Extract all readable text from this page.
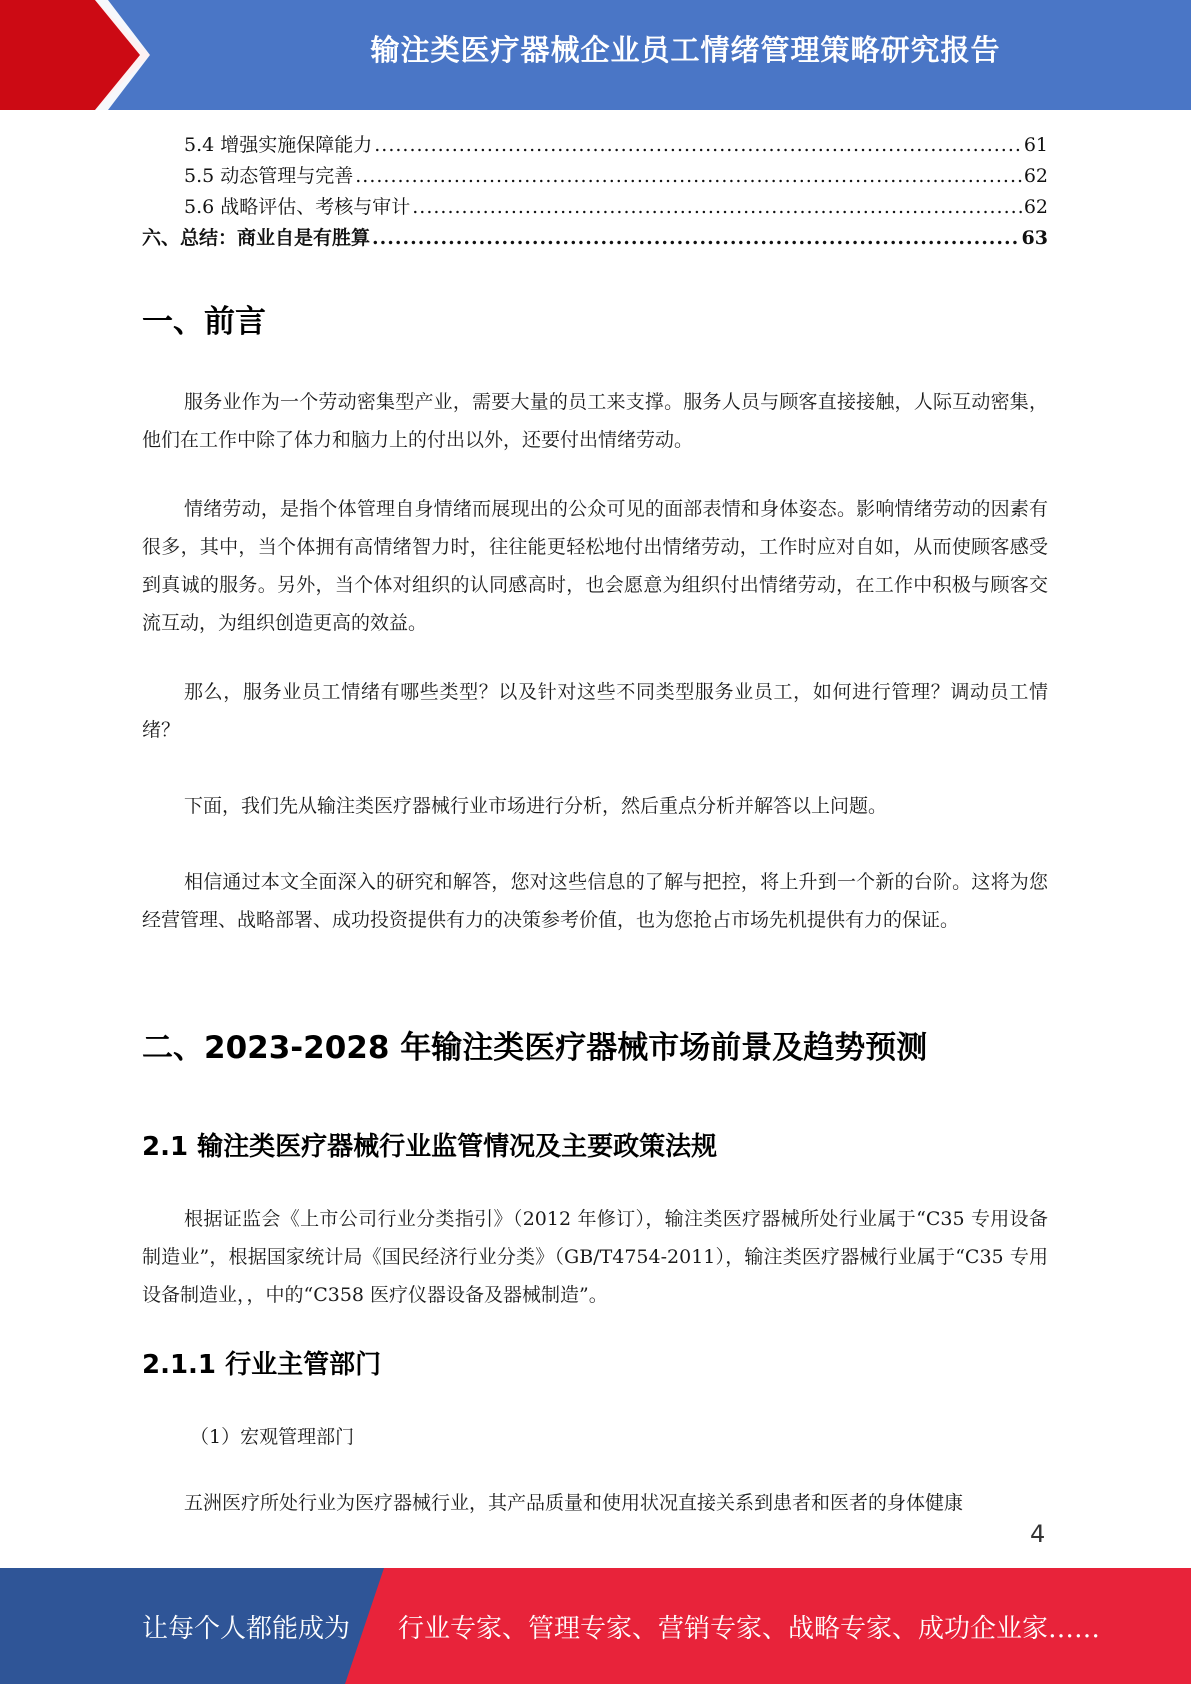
输注类医疗器械企业员工情绪管理策略研究报告
5.4 增强实施保障能力 .....	61
5.5 动态管理与完善 .....	62
5.6 战略评估、考核与审计 .....	62
六、总结：商业自是有胜算 .....	63
一、前言

服务业作为一个劳动密集型产业，需要大量的员工来支撑。服务人员与顾客直接接触，人际互动密集，他们在工作中除了体力和脑力上的付出以外，还要付出情绪劳动。

情绪劳动，是指个体管理自身情绪而展现出的公众可见的面部表情和身体姿态。影响情绪劳动的因素有很多，其中，当个体拥有高情绪智力时，往往能更轻松地付出情绪劳动，工作时应对自如，从而使顾客感受到真诚的服务。另外，当个体对组织的认同感高时，也会愿意为组织付出情绪劳动，在工作中积极与顾客交流互动，为组织创造更高的效益。

那么，服务业员工情绪有哪些类型？以及针对这些不同类型服务业员工，如何进行管理？调动员工情绪？

下面，我们先从输注类医疗器械行业市场进行分析，然后重点分析并解答以上问题。

相信通过本文全面深入的研究和解答，您对这些信息的了解与把控，将上升到一个新的台阶。这将为您经营管理、战略部署、成功投资提供有力的决策参考价值，也为您抢占市场先机提供有力的保证。

二、2023-2028 年输注类医疗器械市场前景及趋势预测
2.1 输注类医疗器械行业监管情况及主要政策法规

根据证监会《上市公司行业分类指引》（2012 年修订），输注类医疗器械所处行业属于“C35 专用设备制造业”，根据国家统计局《国民经济行业分类》（GB/T4754-2011），输注类医疗器械行业属于“C35 专用设备制造业，，中的“C358 医疗仪器设备及器械制造”。

2.1.1 行业主管部门
（1）宏观管理部门

五洲医疗所处行业为医疗器械行业，其产品质量和使用状况直接关系到患者和医者的身体健康

4
让每个人都能成为 行业专家、管理专家、营销专家、战略专家、成功企业家……
